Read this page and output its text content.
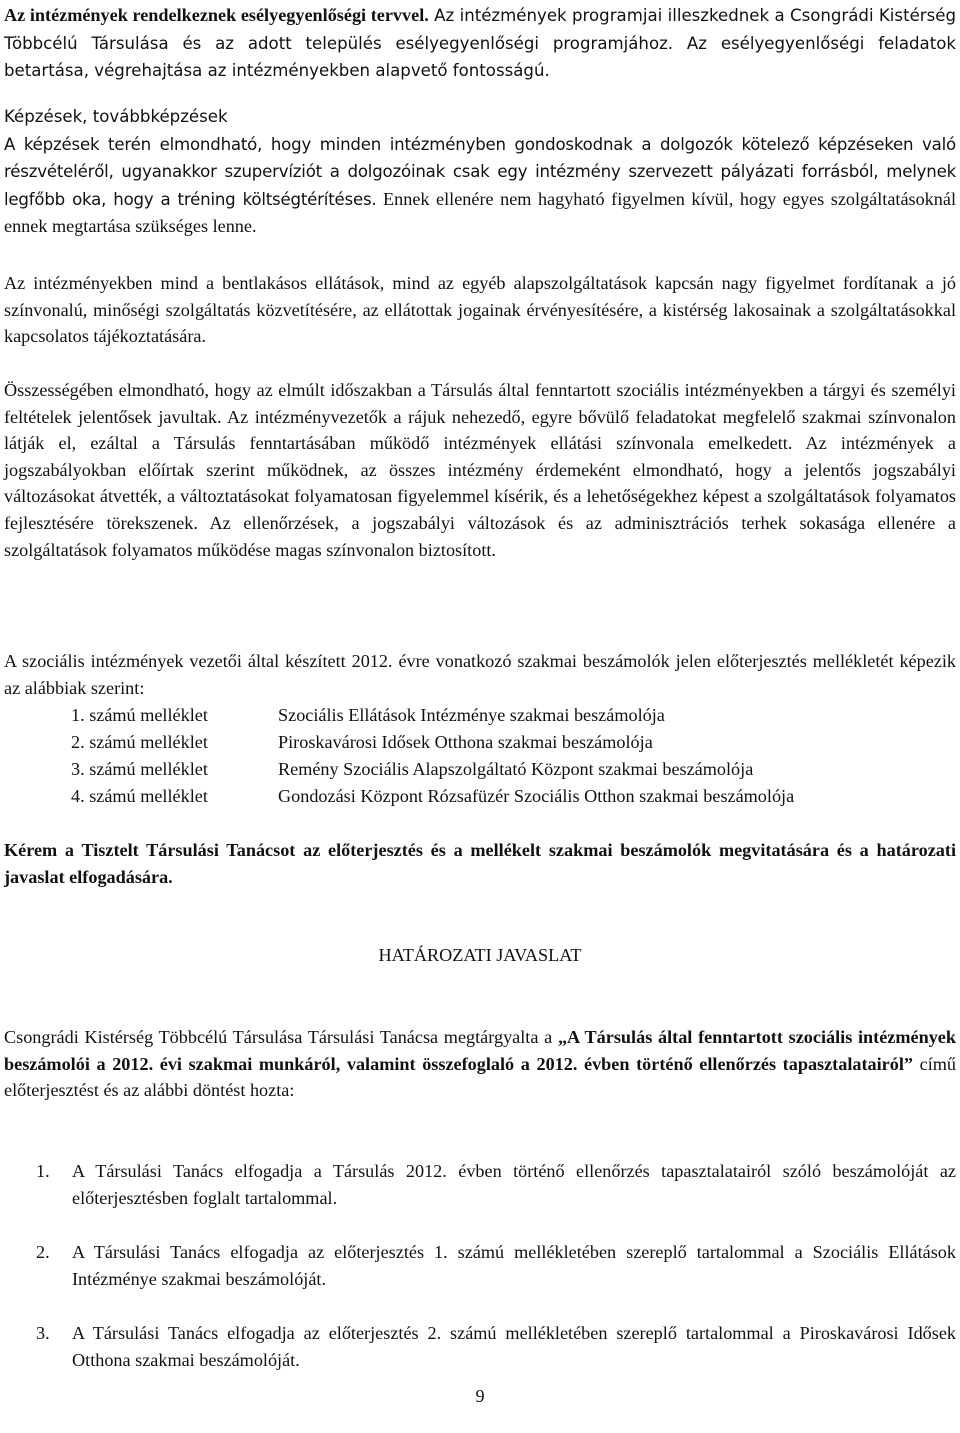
Az intézmények rendelkeznek esélyegyenlőségi tervvel. Az intézmények programjai illeszkednek a Csongrádi Kistérség Többcélú Társulása és az adott település esélyegyenlőségi programjához. Az esélyegyenlőségi feladatok betartása, végrehajtása az intézményekben alapvető fontosságú.

Képzések, továbbképzések

A képzések terén elmondható, hogy minden intézményben gondoskodnak a dolgozók kötelező képzéseken való részvételéről, ugyanakkor szupervíziót a dolgozóinak csak egy intézmény szervezett pályázati forrásból, melynek legfőbb oka, hogy a tréning költségtérítéses. Ennek ellenére nem hagyható figyelmen kívül, hogy egyes szolgáltatásoknál ennek megtartása szükséges lenne.

Az intézményekben mind a bentlakásos ellátások, mind az egyéb alapszolgáltatások kapcsán nagy figyelmet fordítanak a jó színvonalú, minőségi szolgáltatás közvetítésére, az ellátottak jogainak érvényesítésére, a kistérség lakosainak a szolgáltatásokkal kapcsolatos tájékoztatására.

Összességében elmondható, hogy az elmúlt időszakban a Társulás által fenntartott szociális intézményekben a tárgyi és személyi feltételek jelentősek javultak. Az intézményvezetők a rájuk nehezedő, egyre bővülő feladatokat megfelelő szakmai színvonalon látják el, ezáltal a Társulás fenntartásában működő intézmények ellátási színvonala emelkedett. Az intézmények a jogszabályokban előírtak szerint működnek, az összes intézmény érdemeként elmondható, hogy a jelentős jogszabályi változásokat átvették, a változtatásokat folyamatosan figyelemmel kísérik, és a lehetőségekhez képest a szolgáltatások folyamatos fejlesztésére törekszenek. Az ellenőrzések, a jogszabályi változások és az adminisztrációs terhek sokasága ellenére a szolgáltatások folyamatos működése magas színvonalon biztosított.

A szociális intézmények vezetői által készített 2012. évre vonatkozó szakmai beszámolók jelen előterjesztés mellékletét képezik az alábbiak szerint:

1. számú melléklet	Szociális Ellátások Intézménye szakmai beszámolója
2. számú melléklet	Piroskavárosi Idősek Otthona szakmai beszámolója
3. számú melléklet	Remény Szociális Alapszolgáltató Központ szakmai beszámolója
4. számú melléklet	Gondozási Központ Rózsafüzér Szociális Otthon szakmai beszámolója

Kérem a Tisztelt Társulási Tanácsot az előterjesztés és a mellékelt szakmai beszámolók megvitatására és a határozati javaslat elfogadására.

HATÁROZATI JAVASLAT

Csongrádi Kistérség Többcélú Társulása Társulási Tanácsa megtárgyalta a „A Társulás által fenntartott szociális intézmények beszámolói a 2012. évi szakmai munkáról, valamint összefoglaló a 2012. évben történő ellenőrzés tapasztalatairól” című előterjesztést és az alábbi döntést hozta:

1.	A Társulási Tanács elfogadja a Társulás 2012. évben történő ellenőrzés tapasztalatairól szóló beszámolóját az előterjesztésben foglalt tartalommal.
2.	A Társulási Tanács elfogadja az előterjesztés 1. számú mellékletében szereplő tartalommal a Szociális Ellátások Intézménye szakmai beszámolóját.
3.	A Társulási Tanács elfogadja az előterjesztés 2. számú mellékletében szereplő tartalommal a Piroskavárosi Idősek Otthona szakmai beszámolóját.
9
